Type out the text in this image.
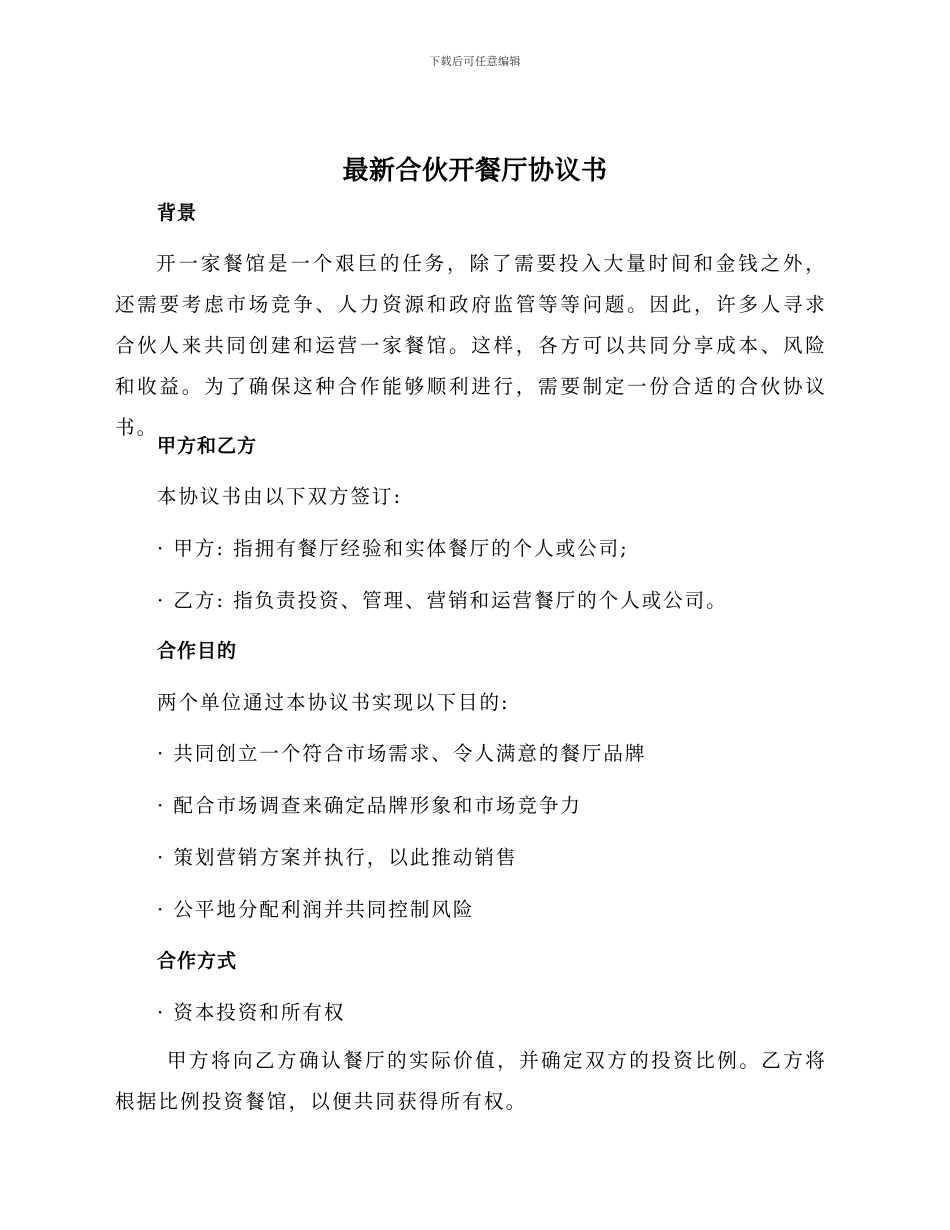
下载后可任意编辑
最新合伙开餐厅协议书
背景
开一家餐馆是一个艰巨的任务，除了需要投入大量时间和金钱之外，还需要考虑市场竞争、人力资源和政府监管等等问题。因此，许多人寻求合伙人来共同创建和运营一家餐馆。这样，各方可以共同分享成本、风险和收益。为了确保这种合作能够顺利进行，需要制定一份合适的合伙协议书。
甲方和乙方
本协议书由以下双方签订:
· 甲方: 指拥有餐厅经验和实体餐厅的个人或公司;
· 乙方: 指负责投资、管理、营销和运营餐厅的个人或公司。
合作目的
两个单位通过本协议书实现以下目的:
· 共同创立一个符合市场需求、令人满意的餐厅品牌
· 配合市场调查来确定品牌形象和市场竞争力
· 策划营销方案并执行，以此推动销售
· 公平地分配利润并共同控制风险
合作方式
· 资本投资和所有权
甲方将向乙方确认餐厅的实际价值，并确定双方的投资比例。乙方将根据比例投资餐馆，以便共同获得所有权。
